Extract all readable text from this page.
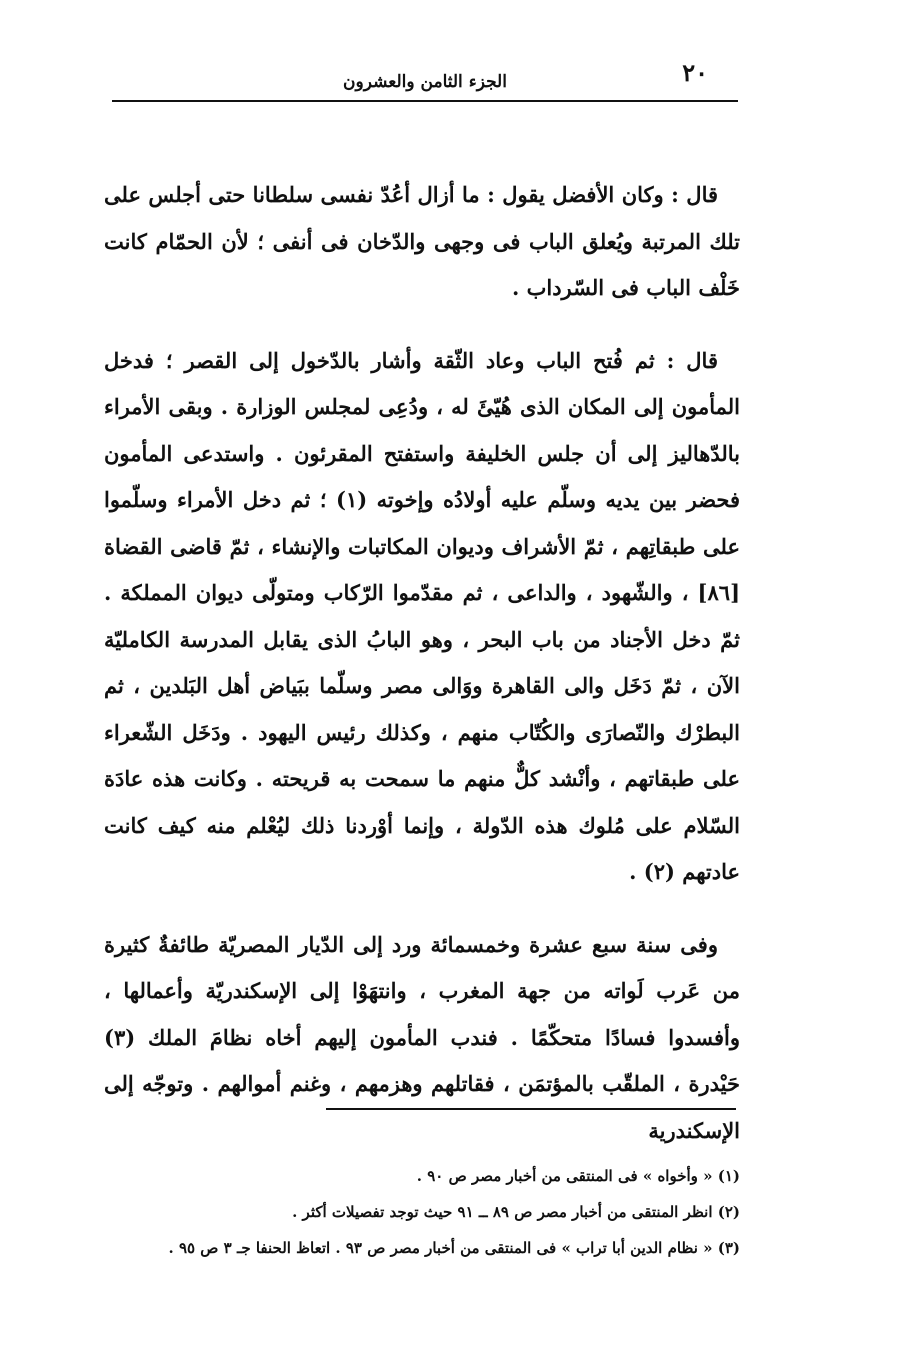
٢٠
الجزء الثامن والعشرون

قال : وكان الأفضل يقول : ما أزال أعُدّ نفسى سلطانا حتى أجلس على تلك المرتبة ويُعلق الباب فى وجهى والدّخان فى أنفى ؛ لأن الحمّام كانت خَلْف الباب فى السّرداب .

قال : ثم فُتح الباب وعاد الثّقة وأشار بالدّخول إلى القصر ؛ فدخل المأمون إلى المكان الذى هُيّئَ له ، ودُعِى لمجلس الوزارة . وبقى الأمراء بالدّهاليز إلى أن جلس الخليفة واستفتح المقرئون . واستدعى المأمون فحضر بين يديه وسلّم عليه أولادُه وإخوته (١) ؛ ثم دخل الأمراء وسلّموا على طبقاتِهم ، ثمّ الأشراف وديوان المكاتبات والإنشاء ، ثمّ قاضى القضاة [٨٦] ، والشّهود ، والداعى ، ثم مقدّموا الرّكاب ومتولّى ديوان المملكة . ثمّ دخل الأجناد من باب البحر ، وهو البابُ الذى يقابل المدرسة الكامليّة الآن ، ثمّ دَخَل والى القاهرة ووَالى مصر وسلّما ببَياض أهل البَلدين ، ثم البطرْك والنّصارَى والكُتّاب منهم ، وكذلك رئيس اليهود . ودَخَل الشّعراء على طبقاتهم ، وأنْشد كلٌّ منهم ما سمحت به قريحته . وكانت هذه عادَة السّلام على مُلوك هذه الدّولة ، وإنما أوْردنا ذلك ليُعْلم منه كيف كانت عادتهم (٢) .

وفى سنة سبع عشرة وخمسمائة ورد إلى الدّيار المصريّة طائفةٌ كثيرة من عَرب لَواته من جهة المغرب ، وانتهَوْا إلى الإسكندريّة وأعمالها ، وأفسدوا فسادًا متحكّمًا . فندب المأمون إليهم أخاه نظامَ الملك (٣) حَيْدرة ، الملقّب بالمؤتمَن ، فقاتلهم وهزمهم ، وغنم أموالهم . وتوجّه إلى الإسكندرية

(١) « وأخواه » فى المنتقى من أخبار مصر ص ٩٠ .

(٢) انظر المنتقى من أخبار مصر ص ٨٩ ــ ٩١ حيث توجد تفصيلات أكثر .

(٣) « نظام الدين أبا تراب » فى المنتقى من أخبار مصر ص ٩٣ . اتعاظ الحنفا جـ ٣ ص ٩٥ .
